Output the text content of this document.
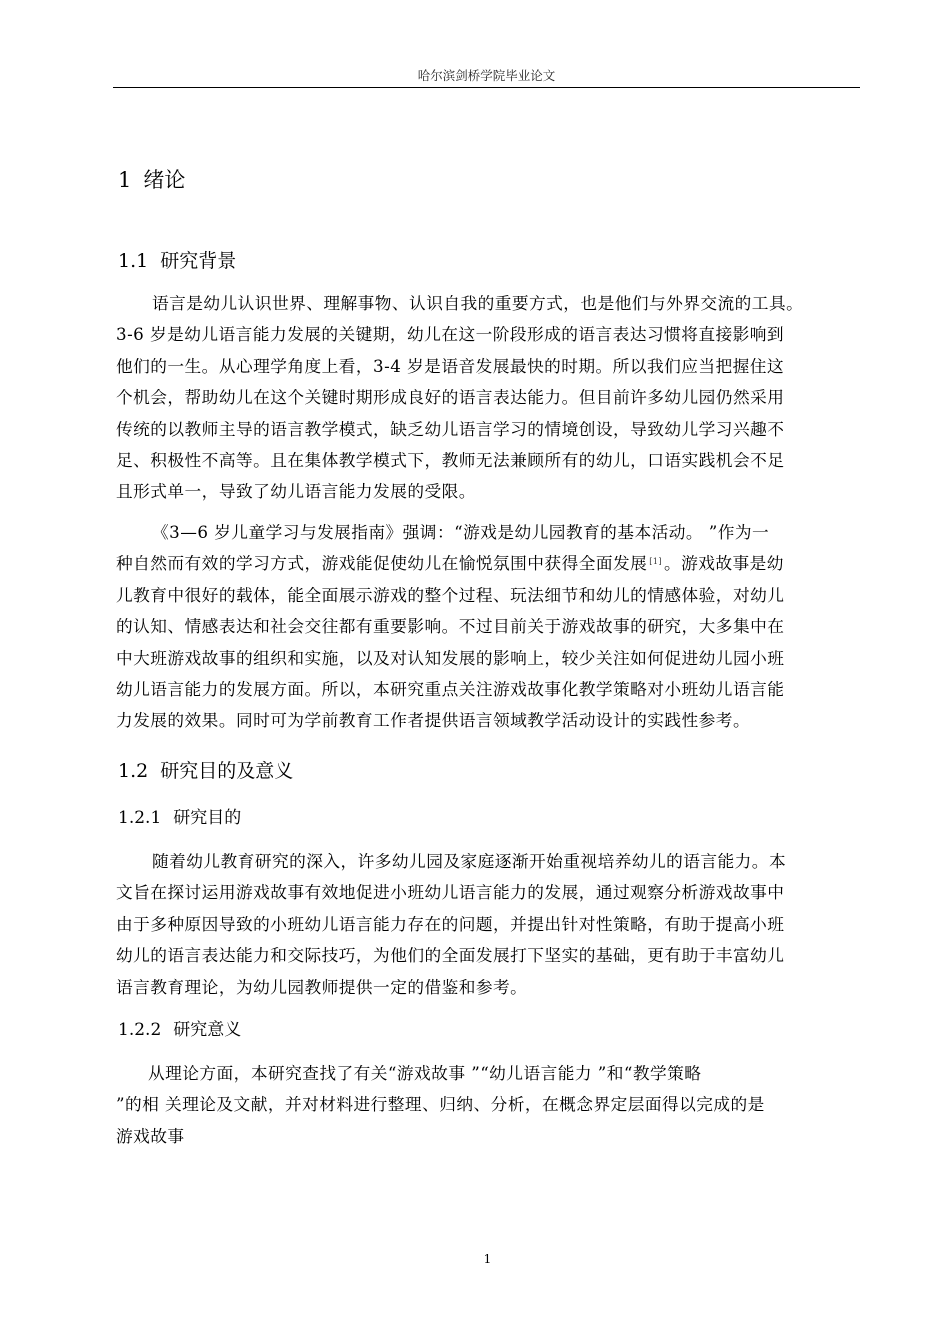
哈尔滨剑桥学院毕业论文
1 绪论
1.1 研究背景
语言是幼儿认识世界、理解事物、认识自我的重要方式，也是他们与外界交流的工具。
3-6 岁是幼儿语言能力发展的关键期，幼儿在这一阶段形成的语言表达习惯将直接影响到
他们的一生。从心理学角度上看，3-4 岁是语音发展最快的时期。所以我们应当把握住这
个机会，帮助幼儿在这个关键时期形成良好的语言表达能力。但目前许多幼儿园仍然采用
传统的以教师主导的语言教学模式，缺乏幼儿语言学习的情境创设，导致幼儿学习兴趣不
足、积极性不高等。且在集体教学模式下，教师无法兼顾所有的幼儿，口语实践机会不足
且形式单一，导致了幼儿语言能力发展的受限。
《3—6 岁儿童学习与发展指南》强调：“游戏是幼儿园教育的基本活动。 ”作为一
种自然而有效的学习方式，游戏能促使幼儿在愉悦氛围中获得全面发展 [1] 。游戏故事是幼
儿教育中很好的载体，能全面展示游戏的整个过程、玩法细节和幼儿的情感体验，对幼儿
的认知、情感表达和社会交往都有重要影响。不过目前关于游戏故事的研究，大多集中在
中大班游戏故事的组织和实施，以及对认知发展的影响上，较少关注如何促进幼儿园小班
幼儿语言能力的发展方面。所以，本研究重点关注游戏故事化教学策略对小班幼儿语言能
力发展的效果。同时可为学前教育工作者提供语言领域教学活动设计的实践性参考。
1.2 研究目的及意义
1.2.1 研究目的
随着幼儿教育研究的深入，许多幼儿园及家庭逐渐开始重视培养幼儿的语言能力。本
文旨在探讨运用游戏故事有效地促进小班幼儿语言能力的发展，通过观察分析游戏故事中
由于多种原因导致的小班幼儿语言能力存在的问题，并提出针对性策略，有助于提高小班
幼儿的语言表达能力和交际技巧，为他们的全面发展打下坚实的基础，更有助于丰富幼儿
语言教育理论，为幼儿园教师提供一定的借鉴和参考。
1.2.2 研究意义
从理论方面，本研究查找了有关“游戏故事 ”“幼儿语言能力 ”和“教学策略
”的相 关理论及文献，并对材料进行整理、归纳、分析，在概念界定层面得以完成的是
游戏故事
1
